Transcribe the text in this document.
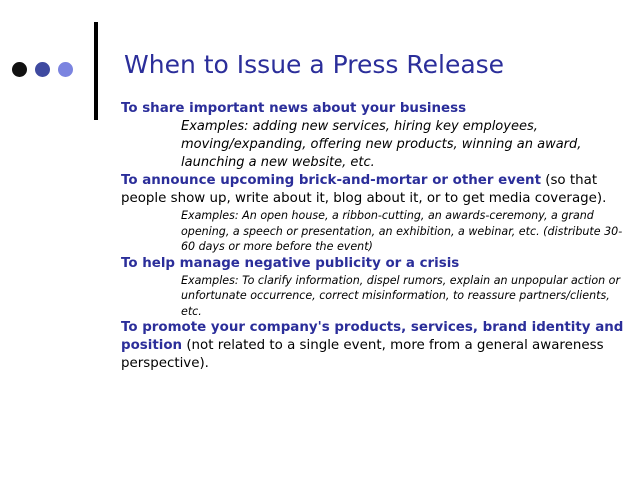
When to Issue a Press Release

To share important news about your business

Examples: adding new services, hiring key employees, moving/expanding, offering new products, winning an award, launching a new website, etc.

To announce upcoming brick-and-mortar or other event (so that people show up, write about it, blog about it, or to get media coverage).

Examples: An open house, a ribbon-cutting, an awards-ceremony, a grand opening, a speech or presentation, an exhibition, a webinar, etc. (distribute 30-60 days or more before the event)

To help manage negative publicity or a crisis

Examples: To clarify information, dispel rumors, explain an unpopular action or unfortunate occurrence, correct misinformation, to reassure partners/clients, etc.

To promote your company's products, services, brand identity and position (not related to a single event, more from a general awareness perspective).
